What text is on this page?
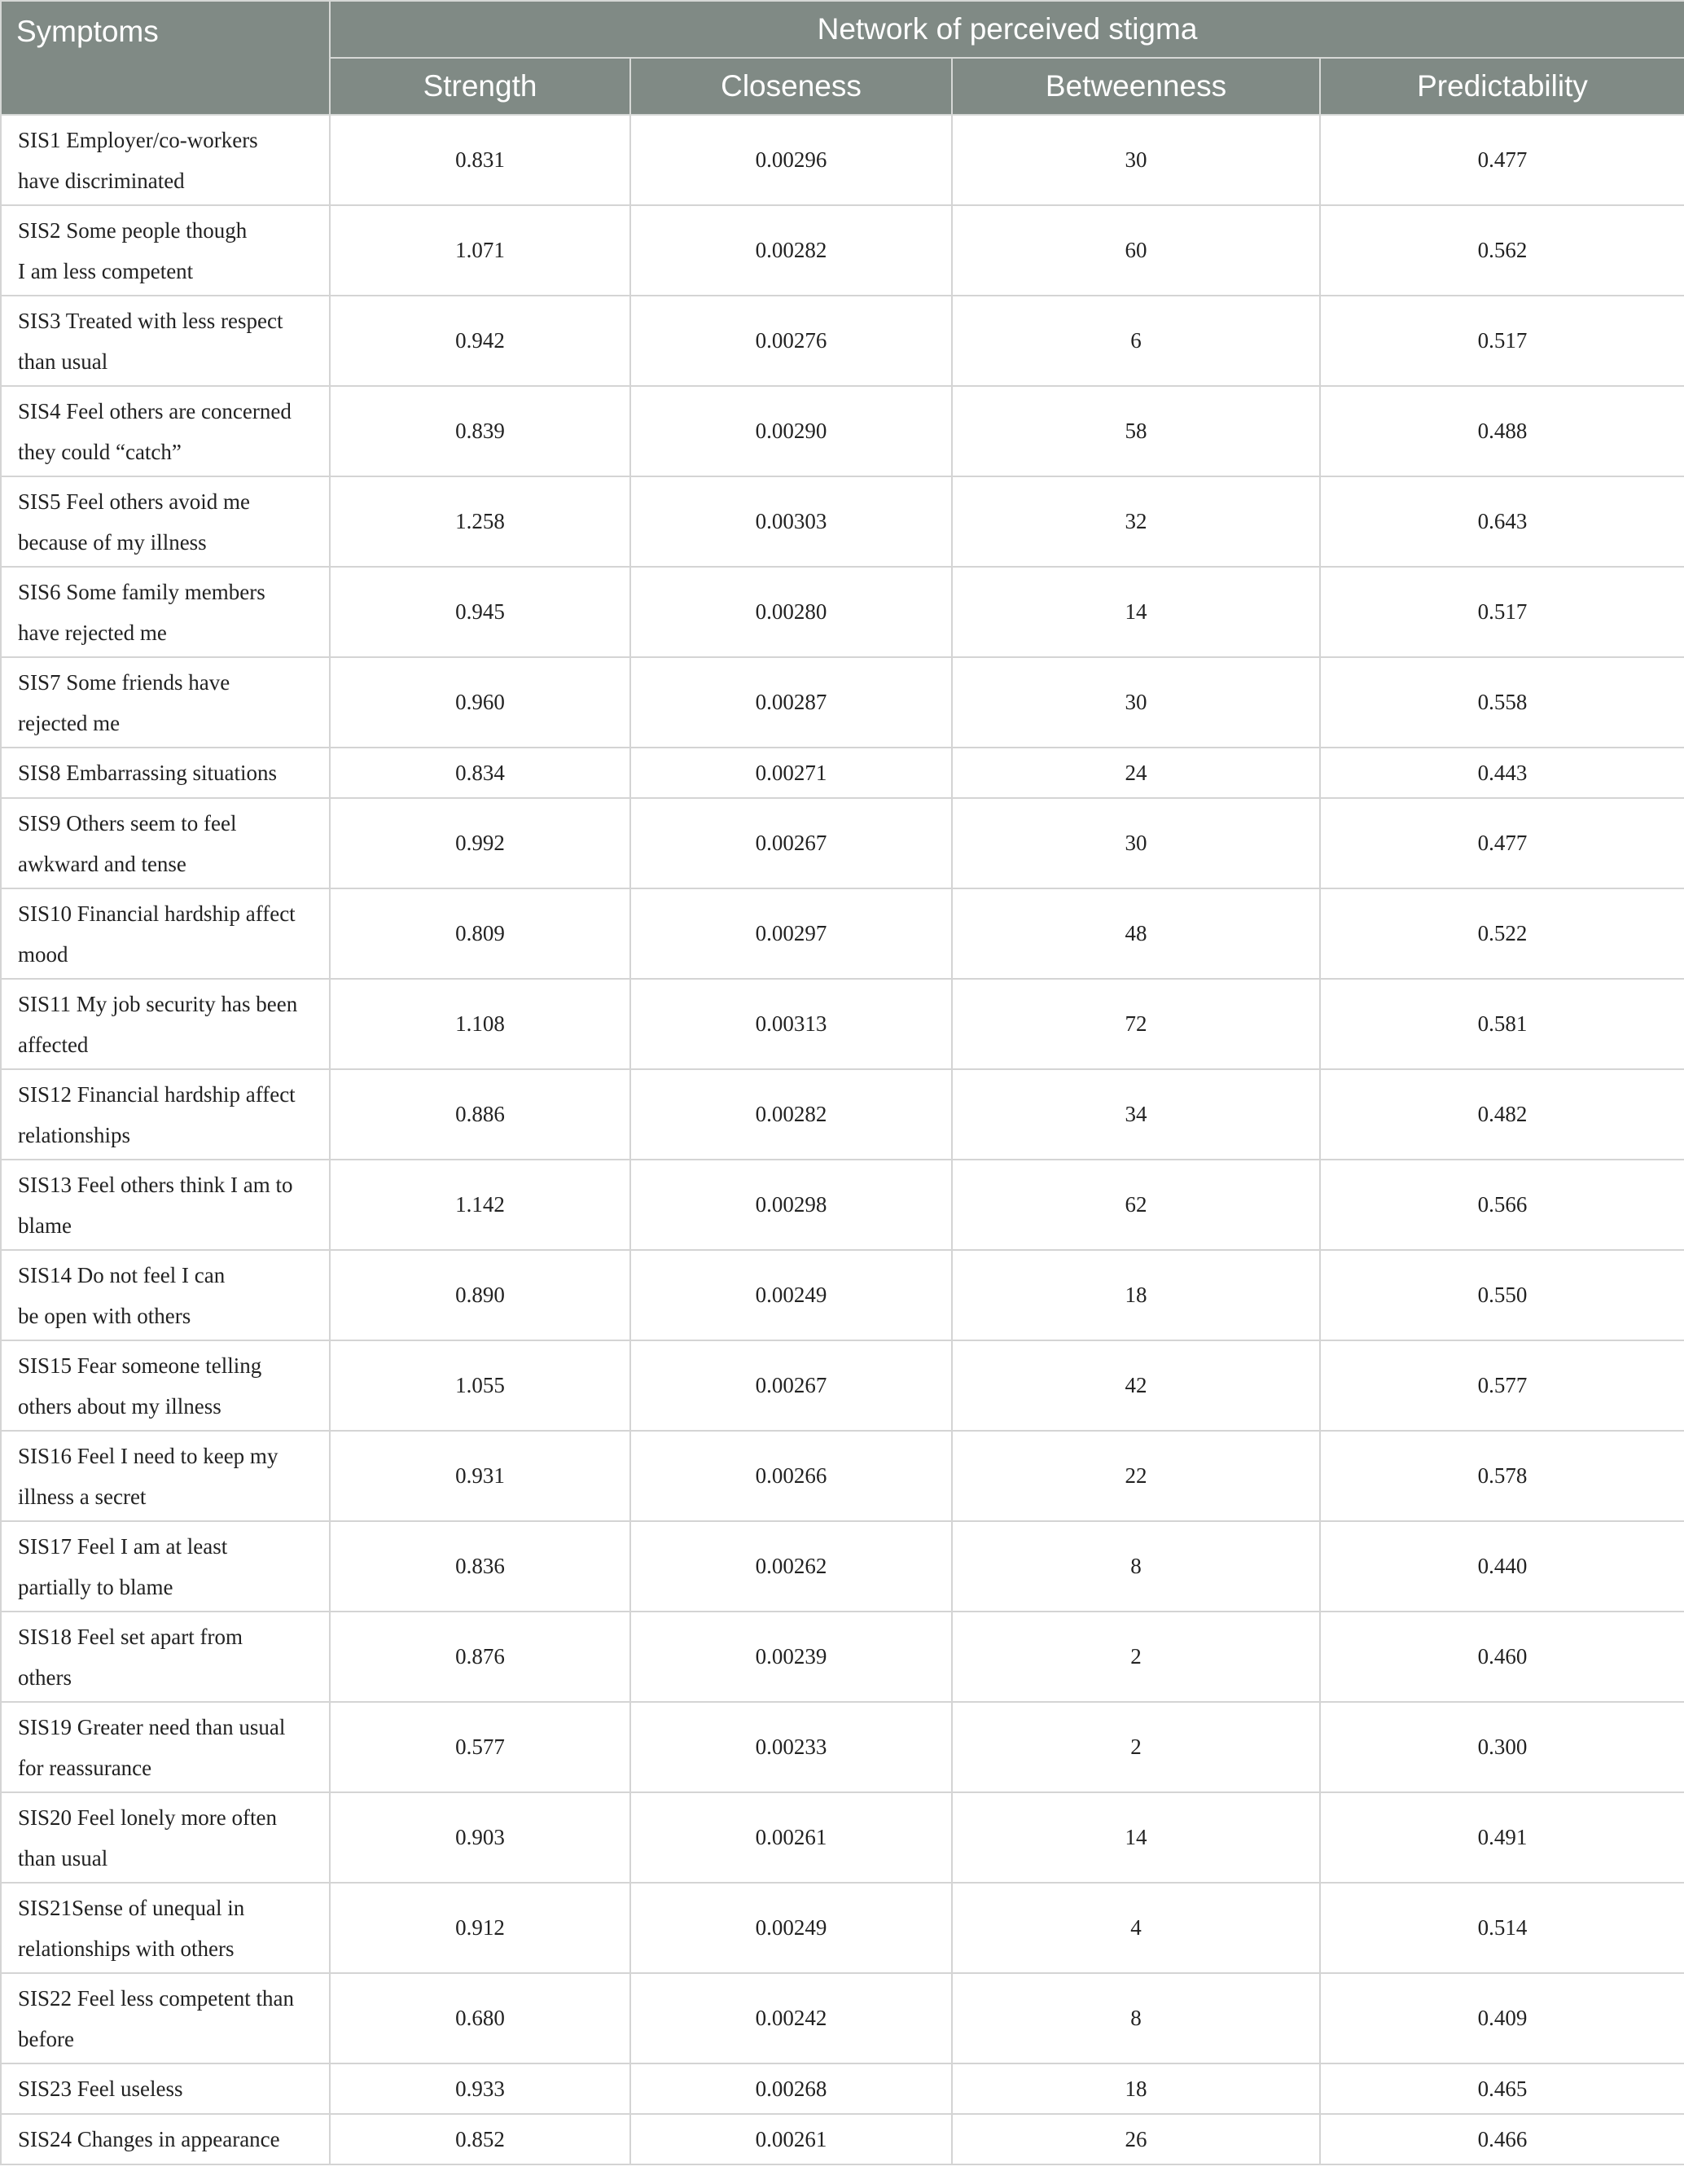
Symptoms	Network of perceived stigma			
	Strength	Closeness	Betweenness	Predictability
SIS1 Employer/co-workers
have discriminated	0.831	0.00296	30	0.477
SIS2 Some people though
I am less competent	1.071	0.00282	60	0.562
SIS3 Treated with less respect
than usual	0.942	0.00276	6	0.517
SIS4 Feel others are concerned
they could “catch”	0.839	0.00290	58	0.488
SIS5 Feel others avoid me
because of my illness	1.258	0.00303	32	0.643
SIS6 Some family members
have rejected me	0.945	0.00280	14	0.517
SIS7 Some friends have
rejected me	0.960	0.00287	30	0.558
SIS8 Embarrassing situations	0.834	0.00271	24	0.443
SIS9 Others seem to feel
awkward and tense	0.992	0.00267	30	0.477
SIS10 Financial hardship affect
mood	0.809	0.00297	48	0.522
SIS11 My job security has been
affected	1.108	0.00313	72	0.581
SIS12 Financial hardship affect
relationships	0.886	0.00282	34	0.482
SIS13 Feel others think I am to
blame	1.142	0.00298	62	0.566
SIS14 Do not feel I can
be open with others	0.890	0.00249	18	0.550
SIS15 Fear someone telling
others about my illness	1.055	0.00267	42	0.577
SIS16 Feel I need to keep my
illness a secret	0.931	0.00266	22	0.578
SIS17 Feel I am at least
partially to blame	0.836	0.00262	8	0.440
SIS18 Feel set apart from
others	0.876	0.00239	2	0.460
SIS19 Greater need than usual
for reassurance	0.577	0.00233	2	0.300
SIS20 Feel lonely more often
than usual	0.903	0.00261	14	0.491
SIS21Sense of unequal in
relationships with others	0.912	0.00249	4	0.514
SIS22 Feel less competent than
before	0.680	0.00242	8	0.409
SIS23 Feel useless	0.933	0.00268	18	0.465
SIS24 Changes in appearance	0.852	0.00261	26	0.466
